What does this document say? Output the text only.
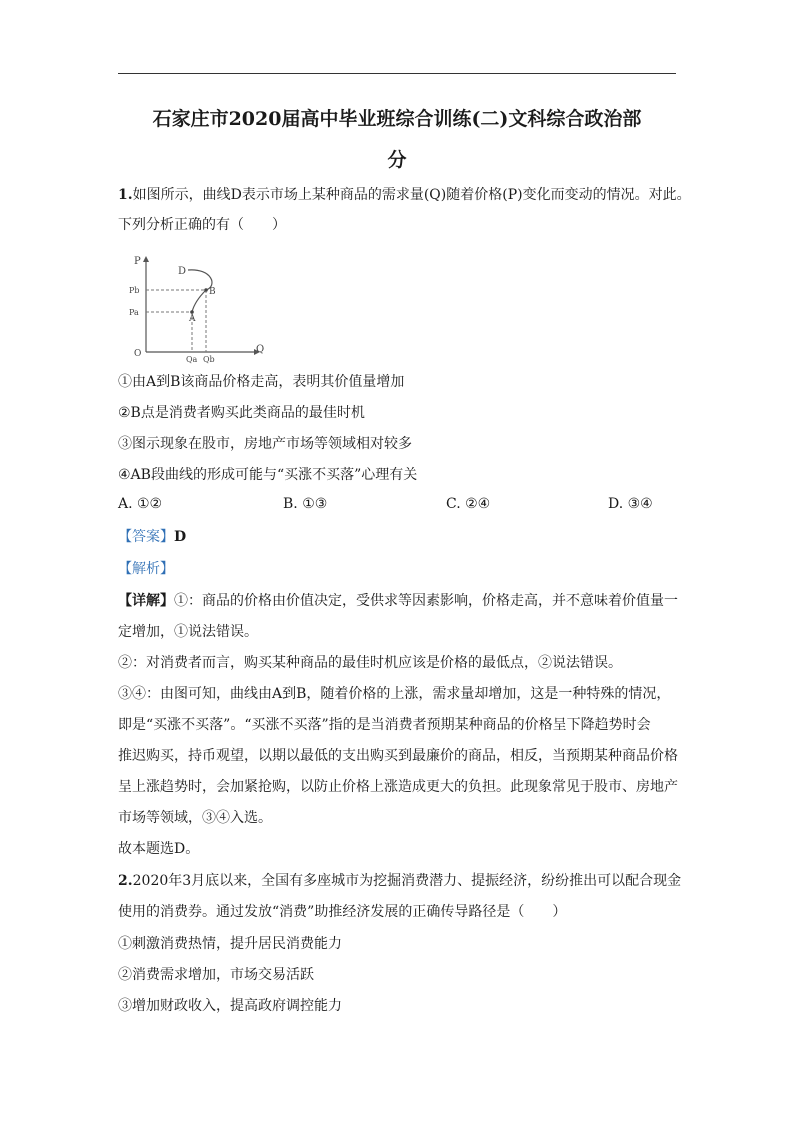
石家庄市2020届高中毕业班综合训练(二)文科综合政治部
分
1.如图所示，曲线D表示市场上某种商品的需求量(Q)随着价格(P)变化而变动的情况。对此。
下列分析正确的有（　　）
P
Q
O
D
B
A
Pb
Pa
Qa Qb
①由A到B该商品价格走高，表明其价值量增加
②B点是消费者购买此类商品的最佳时机
③图示现象在股市，房地产市场等领域相对较多
④AB段曲线的形成可能与“买涨不买落”心理有关
A. ①②	B. ①③	C. ②④	D. ③④
【答案】D
【解析】
【详解】①：商品的价格由价值决定，受供求等因素影响，价格走高，并不意味着价值量一
定增加，①说法错误。
②：对消费者而言，购买某种商品的最佳时机应该是价格的最低点，②说法错误。
③④：由图可知，曲线由A到B，随着价格的上涨，需求量却增加，这是一种特殊的情况，
即是“买涨不买落”。“买涨不买落”指的是当消费者预期某种商品的价格呈下降趋势时会
推迟购买，持币观望，以期以最低的支出购买到最廉价的商品，相反，当预期某种商品价格
呈上涨趋势时，会加紧抢购，以防止价格上涨造成更大的负担。此现象常见于股市、房地产
市场等领域，③④入选。
故本题选D。
2.2020年3月底以来，全国有多座城市为挖掘消费潜力、提振经济，纷纷推出可以配合现金
使用的消费券。通过发放“消费”助推经济发展的正确传导路径是（　　）
①刺激消费热情，提升居民消费能力
②消费需求增加，市场交易活跃
③增加财政收入，提高政府调控能力
